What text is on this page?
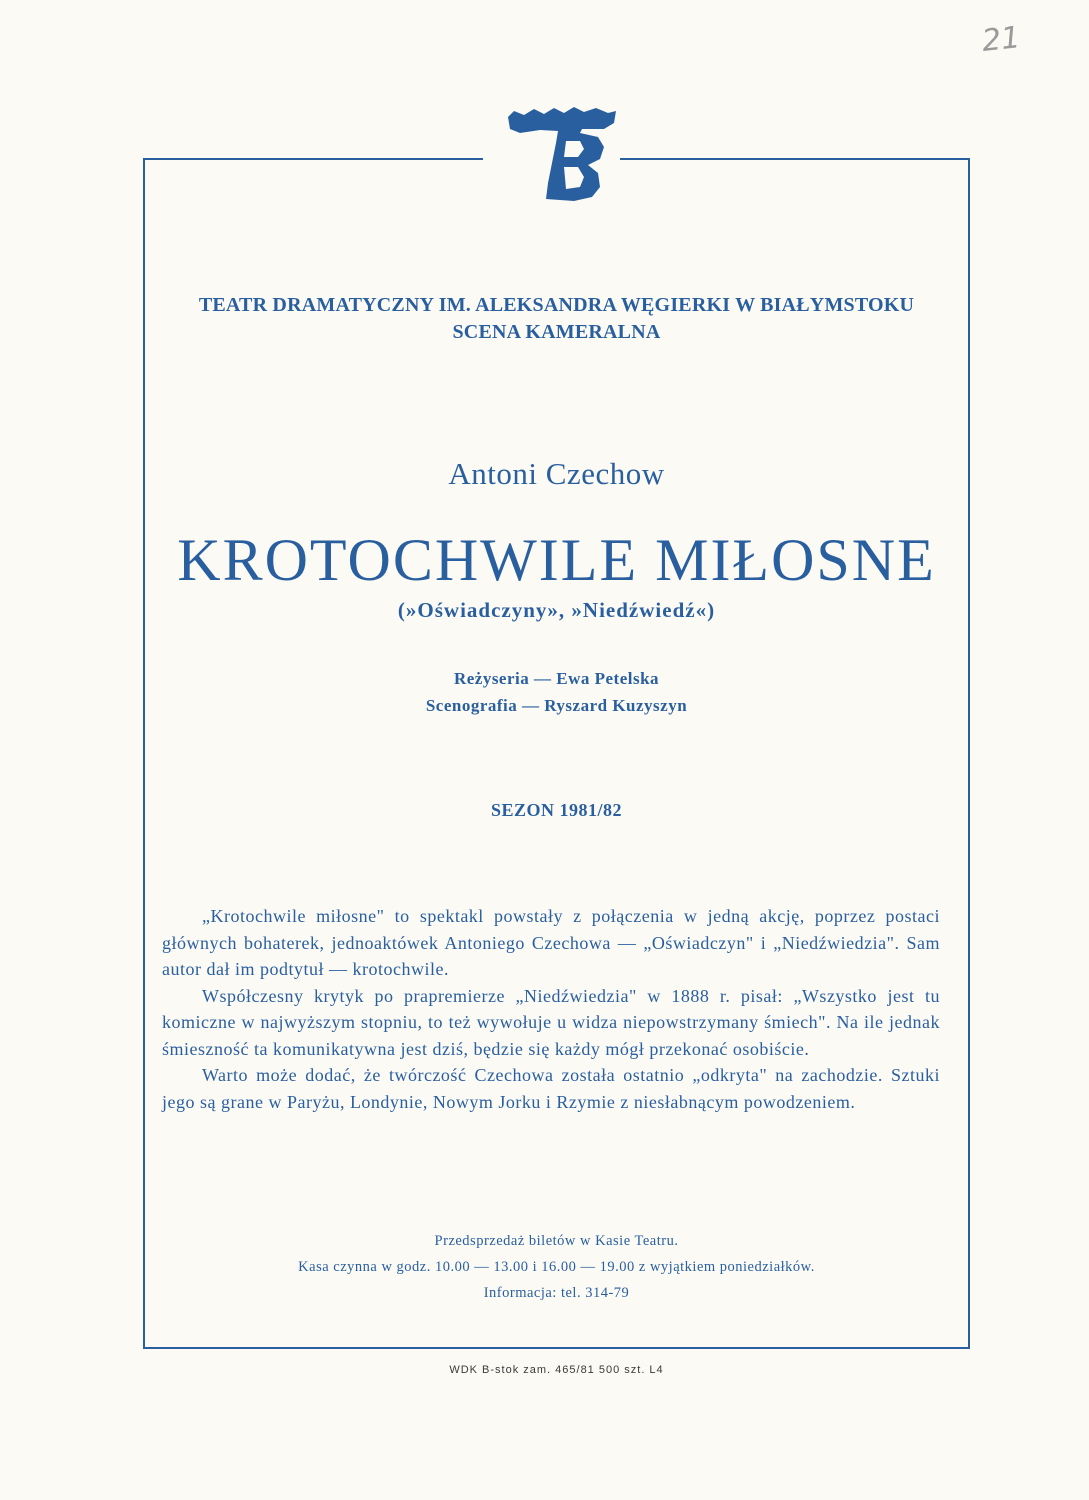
21
TEATR DRAMATYCZNY IM. ALEKSANDRA WĘGIERKI W BIAŁYMSTOKU
SCENA KAMERALNA
Antoni Czechow
KROTOCHWILE MIŁOSNE
(»Oświadczyny», »Niedźwiedź«)
Reżyseria — Ewa Petelska
Scenografia — Ryszard Kuzyszyn
SEZON 1981/82

„Krotochwile miłosne" to spektakl powstały z połączenia w jedną akcję, poprzez postaci głównych bohaterek, jednoaktówek Antoniego Czechowa — „Oświadczyn" i „Niedźwiedzia". Sam autor dał im podtytuł — krotochwile.

Współczesny krytyk po prapremierze „Niedźwiedzia" w 1888 r. pisał: „Wszystko jest tu komiczne w najwyższym stopniu, to też wywołuje u widza niepowstrzymany śmiech". Na ile jednak śmieszność ta komunikatywna jest dziś, będzie się każdy mógł przekonać osobiście.

Warto może dodać, że twórczość Czechowa została ostatnio „odkryta" na zachodzie. Sztuki jego są grane w Paryżu, Londynie, Nowym Jorku i Rzymie z niesłabnącym powodzeniem.

Przedsprzedaż biletów w Kasie Teatru.
Kasa czynna w godz. 10.00 — 13.00 i 16.00 — 19.00 z wyjątkiem poniedziałków.
Informacja: tel. 314-79
WDK B-stok zam. 465/81 500 szt. L4
